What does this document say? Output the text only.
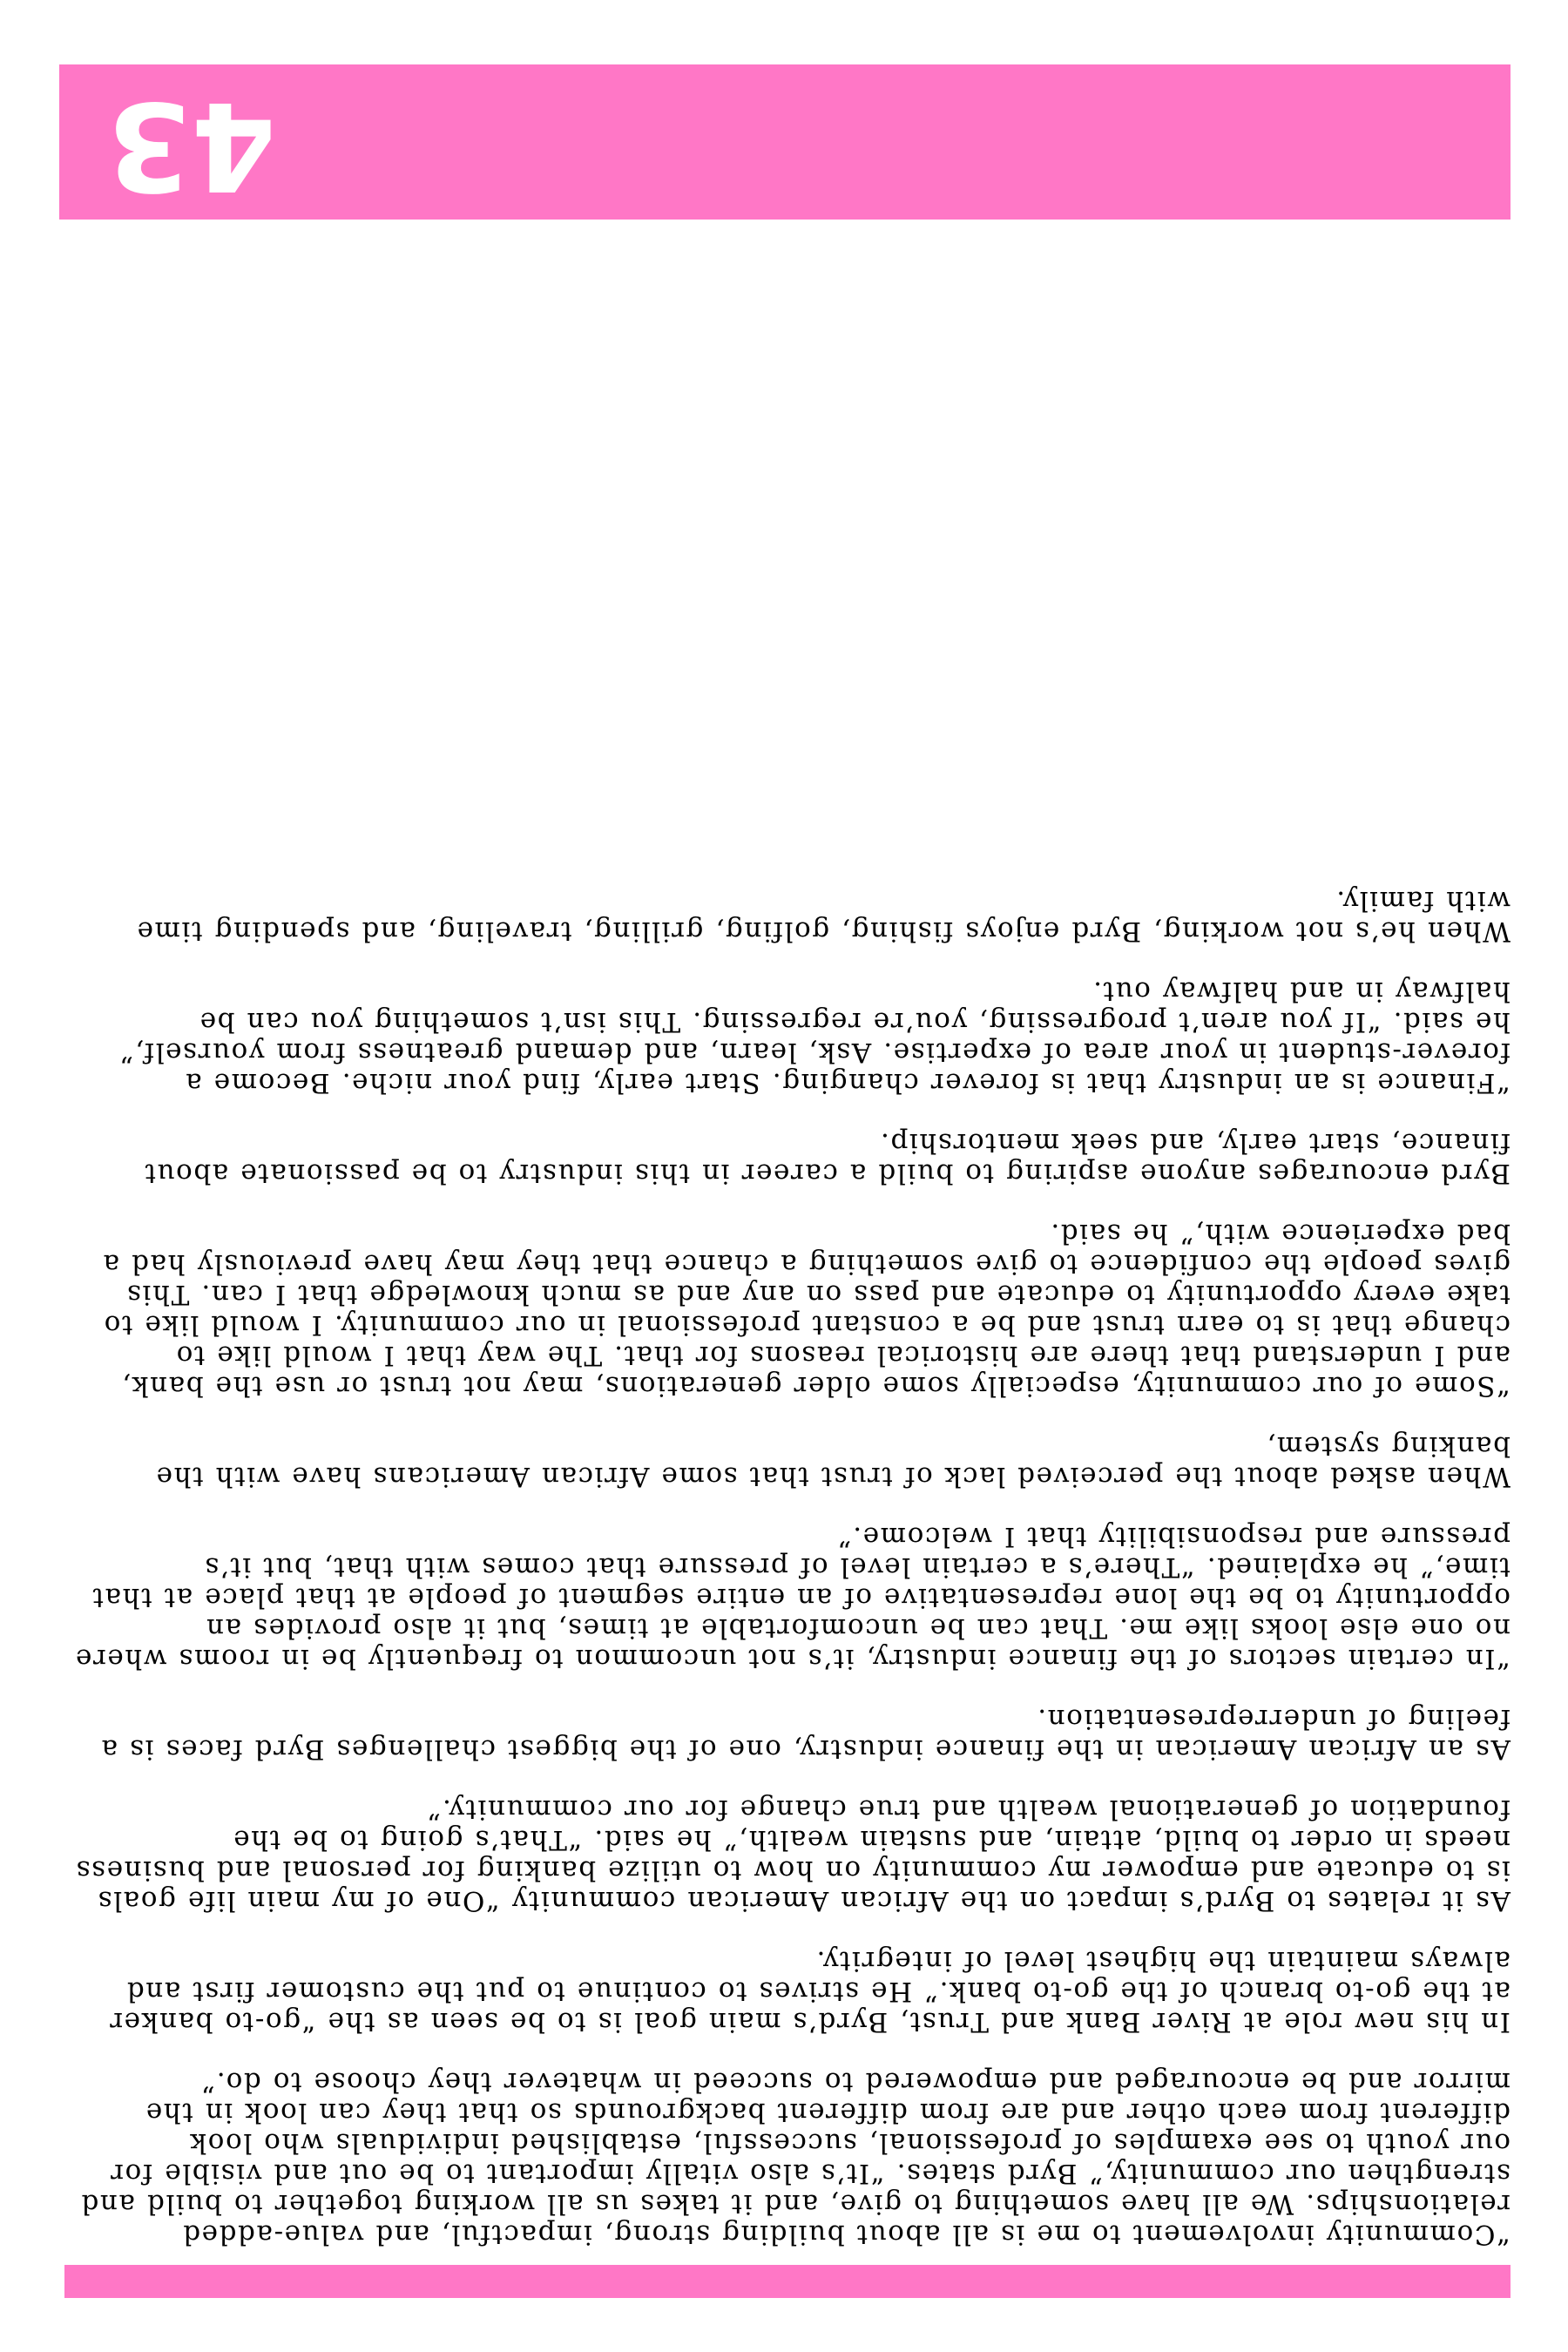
“Community involvement to me is all about building strong, impactful, and value-added relationships. We all have something to give, and it takes us all working together to build and strengthen our community,” Byrd states. “It’s also vitally important to be out and visible for our youth to see examples of professional, successful, established individuals who look different from each other and are from different backgrounds so that they can look in the mirror and be encouraged and empowered to succeed in whatever they choose to do.”

In his new role at River Bank and Trust, Byrd’s main goal is to be seen as the “go-to banker at the go-to branch of the go-to bank.” He strives to continue to put the customer first and always maintain the highest level of integrity.

As it relates to Byrd’s impact on the African American community “One of my main life goals is to educate and empower my community on how to utilize banking for personal and business needs in order to build, attain, and sustain wealth,” he said. “That’s going to be the foundation of generational wealth and true change for our community.”

As an African American in the finance industry, one of the biggest challenges Byrd faces is a feeling of underrepresentation.

“In certain sectors of the finance industry, it’s not uncommon to frequently be in rooms where no one else looks like me. That can be uncomfortable at times, but it also provides an opportunity to be the lone representative of an entire segment of people at that place at that time,” he explained. “There’s a certain level of pressure that comes with that, but it’s pressure and responsibility that I welcome.”

When asked about the perceived lack of trust that some African Americans have with the banking system,

“Some of our community, especially some older generations, may not trust or use the bank, and I understand that there are historical reasons for that. The way that I would like to change that is to earn trust and be a constant professional in our community. I would like to take every opportunity to educate and pass on any and as much knowledge that I can. This gives people the confidence to give something a chance that they may have previously had a bad experience with,” he said.

Byrd encourages anyone aspiring to build a career in this industry to be passionate about finance, start early, and seek mentorship.

“Finance is an industry that is forever changing. Start early, find your niche. Become a forever-student in your area of expertise. Ask, learn, and demand greatness from yourself,” he said. “If you aren’t progressing, you’re regressing. This isn’t something you can be halfway in and halfway out.

When he’s not working, Byrd enjoys fishing, golfing, grilling, traveling, and spending time with family.

43
